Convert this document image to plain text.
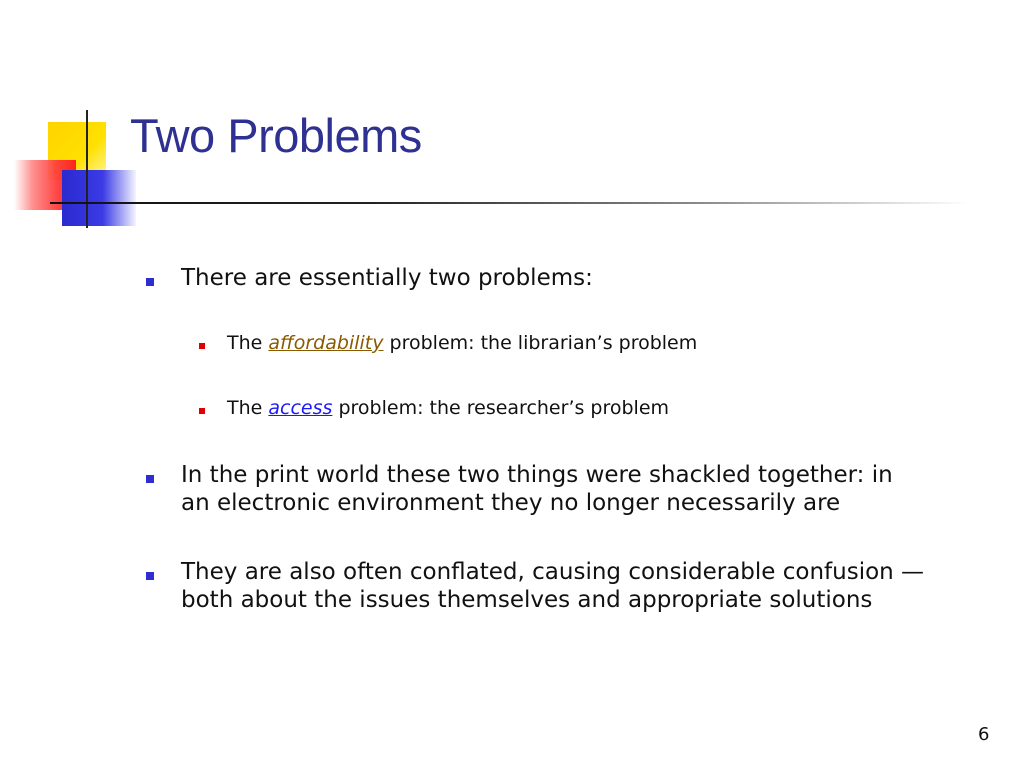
Two Problems
There are essentially two problems:
The affordability problem: the librarian’s problem
The access problem: the researcher’s problem
In the print world these two things were shackled together: in
an electronic environment they no longer necessarily are
They are also often conflated, causing considerable confusion —
both about the issues themselves and appropriate solutions
6
